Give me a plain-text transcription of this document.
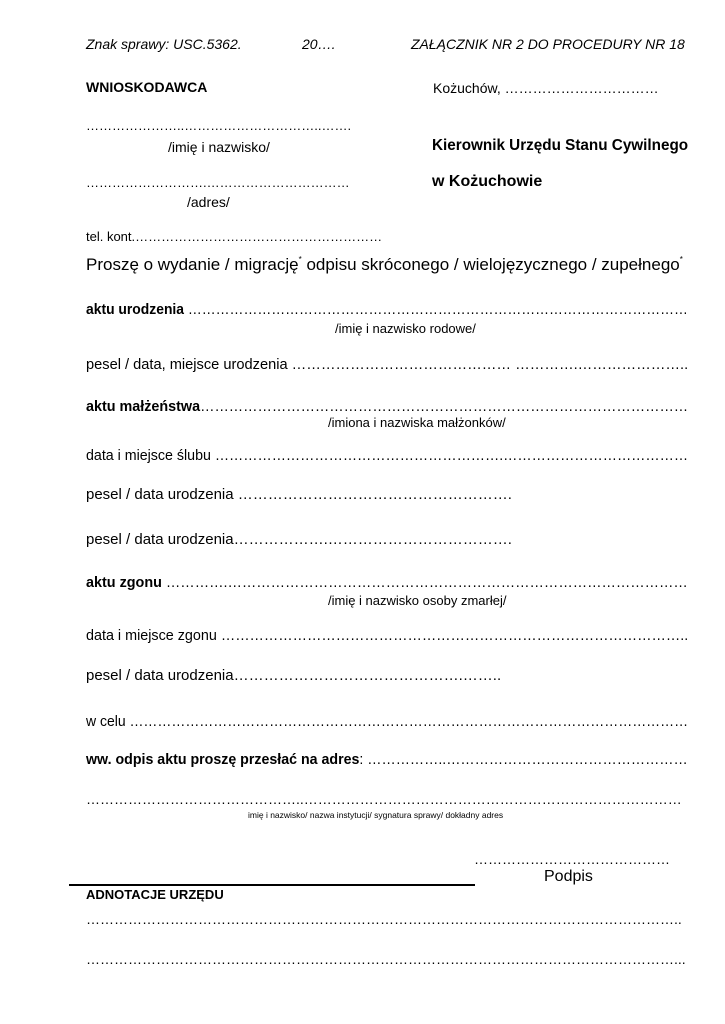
Znak sprawy: USC.5362.	20….	ZAŁĄCZNIK NR 2 DO PROCEDURY NR 18
WNIOSKODAWCA	Kożuchów, ……………………………
…………………..…………………………..…….
/imię i nazwisko/	Kierownik Urzędu Stanu Cywilnego
w Kożuchowie
……………………….……………………………
/adres/
tel. kont.…………………………………………………
Proszę o wydanie / migrację* odpisu skróconego / wielojęzycznego / zupełnego*
aktu urodzenia ………………………………………………………………………………………………
/imię i nazwisko rodowe/
pesel / data, miejsce urodzenia ……………………………………… ………….…………………..
aktu małżeństwa…………………………………………………………………………………………
/imiona i nazwiska małżonków/
data i miejsce ślubu …………………………………………………….…………………………………
pesel / data urodzenia ……………………………………………….
pesel / data urodzenia……………….……………………………….
aktu zgonu ………….……………………………………………………………………………………
/imię i nazwisko osoby zmarłej/
data i miejsce zgonu ……………………………………………………………………………………..
pesel / data urodzenia……………………………………….……..
w celu …………………………………………………………………………………………………………
ww. odpis aktu proszę przesłać na adres: ……………..……………………………………………
………………………………………..………………………………………………………………………
imię i nazwisko/ nazwa instytucji/ sygnatura sprawy/ dokładny adres
……………………………………
Podpis
ADNOTACJE URZĘDU
………………………………………………………………………………………………………………..
………………………………………………………………………………………………………………...
